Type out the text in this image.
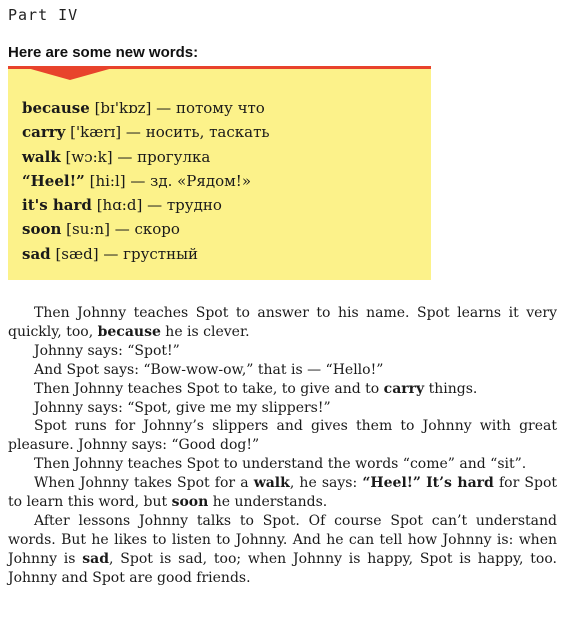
Part IV
Here are some new words:
because [bɪ'kɒz] — потому что
carry ['kærɪ] — носить, таскать
walk [wɔ:k] — прогулка
“Heel!” [hi:l] — зд. «Рядом!»
it's hard [hɑ:d] — трудно
soon [su:n] — скоро
sad [sæd] — грустный

Then Johnny teaches Spot to answer to his name. Spot learns it very quickly, too, because he is clever.

Johnny says: “Spot!”

And Spot says: “Bow-wow-ow,” that is — “Hello!”

Then Johnny teaches Spot to take, to give and to carry things.

Johnny says: “Spot, give me my slippers!”

Spot runs for Johnny’s slippers and gives them to Johnny with great pleasure. Johnny says: “Good dog!”

Then Johnny teaches Spot to understand the words “come” and “sit”.

When Johnny takes Spot for a walk, he says: “Heel!” It’s hard for Spot to learn this word, but soon he understands.

After lessons Johnny talks to Spot. Of course Spot can’t understand words. But he likes to listen to Johnny. And he can tell how Johnny is: when Johnny is sad, Spot is sad, too; when Johnny is happy, Spot is happy, too. Johnny and Spot are good friends.
